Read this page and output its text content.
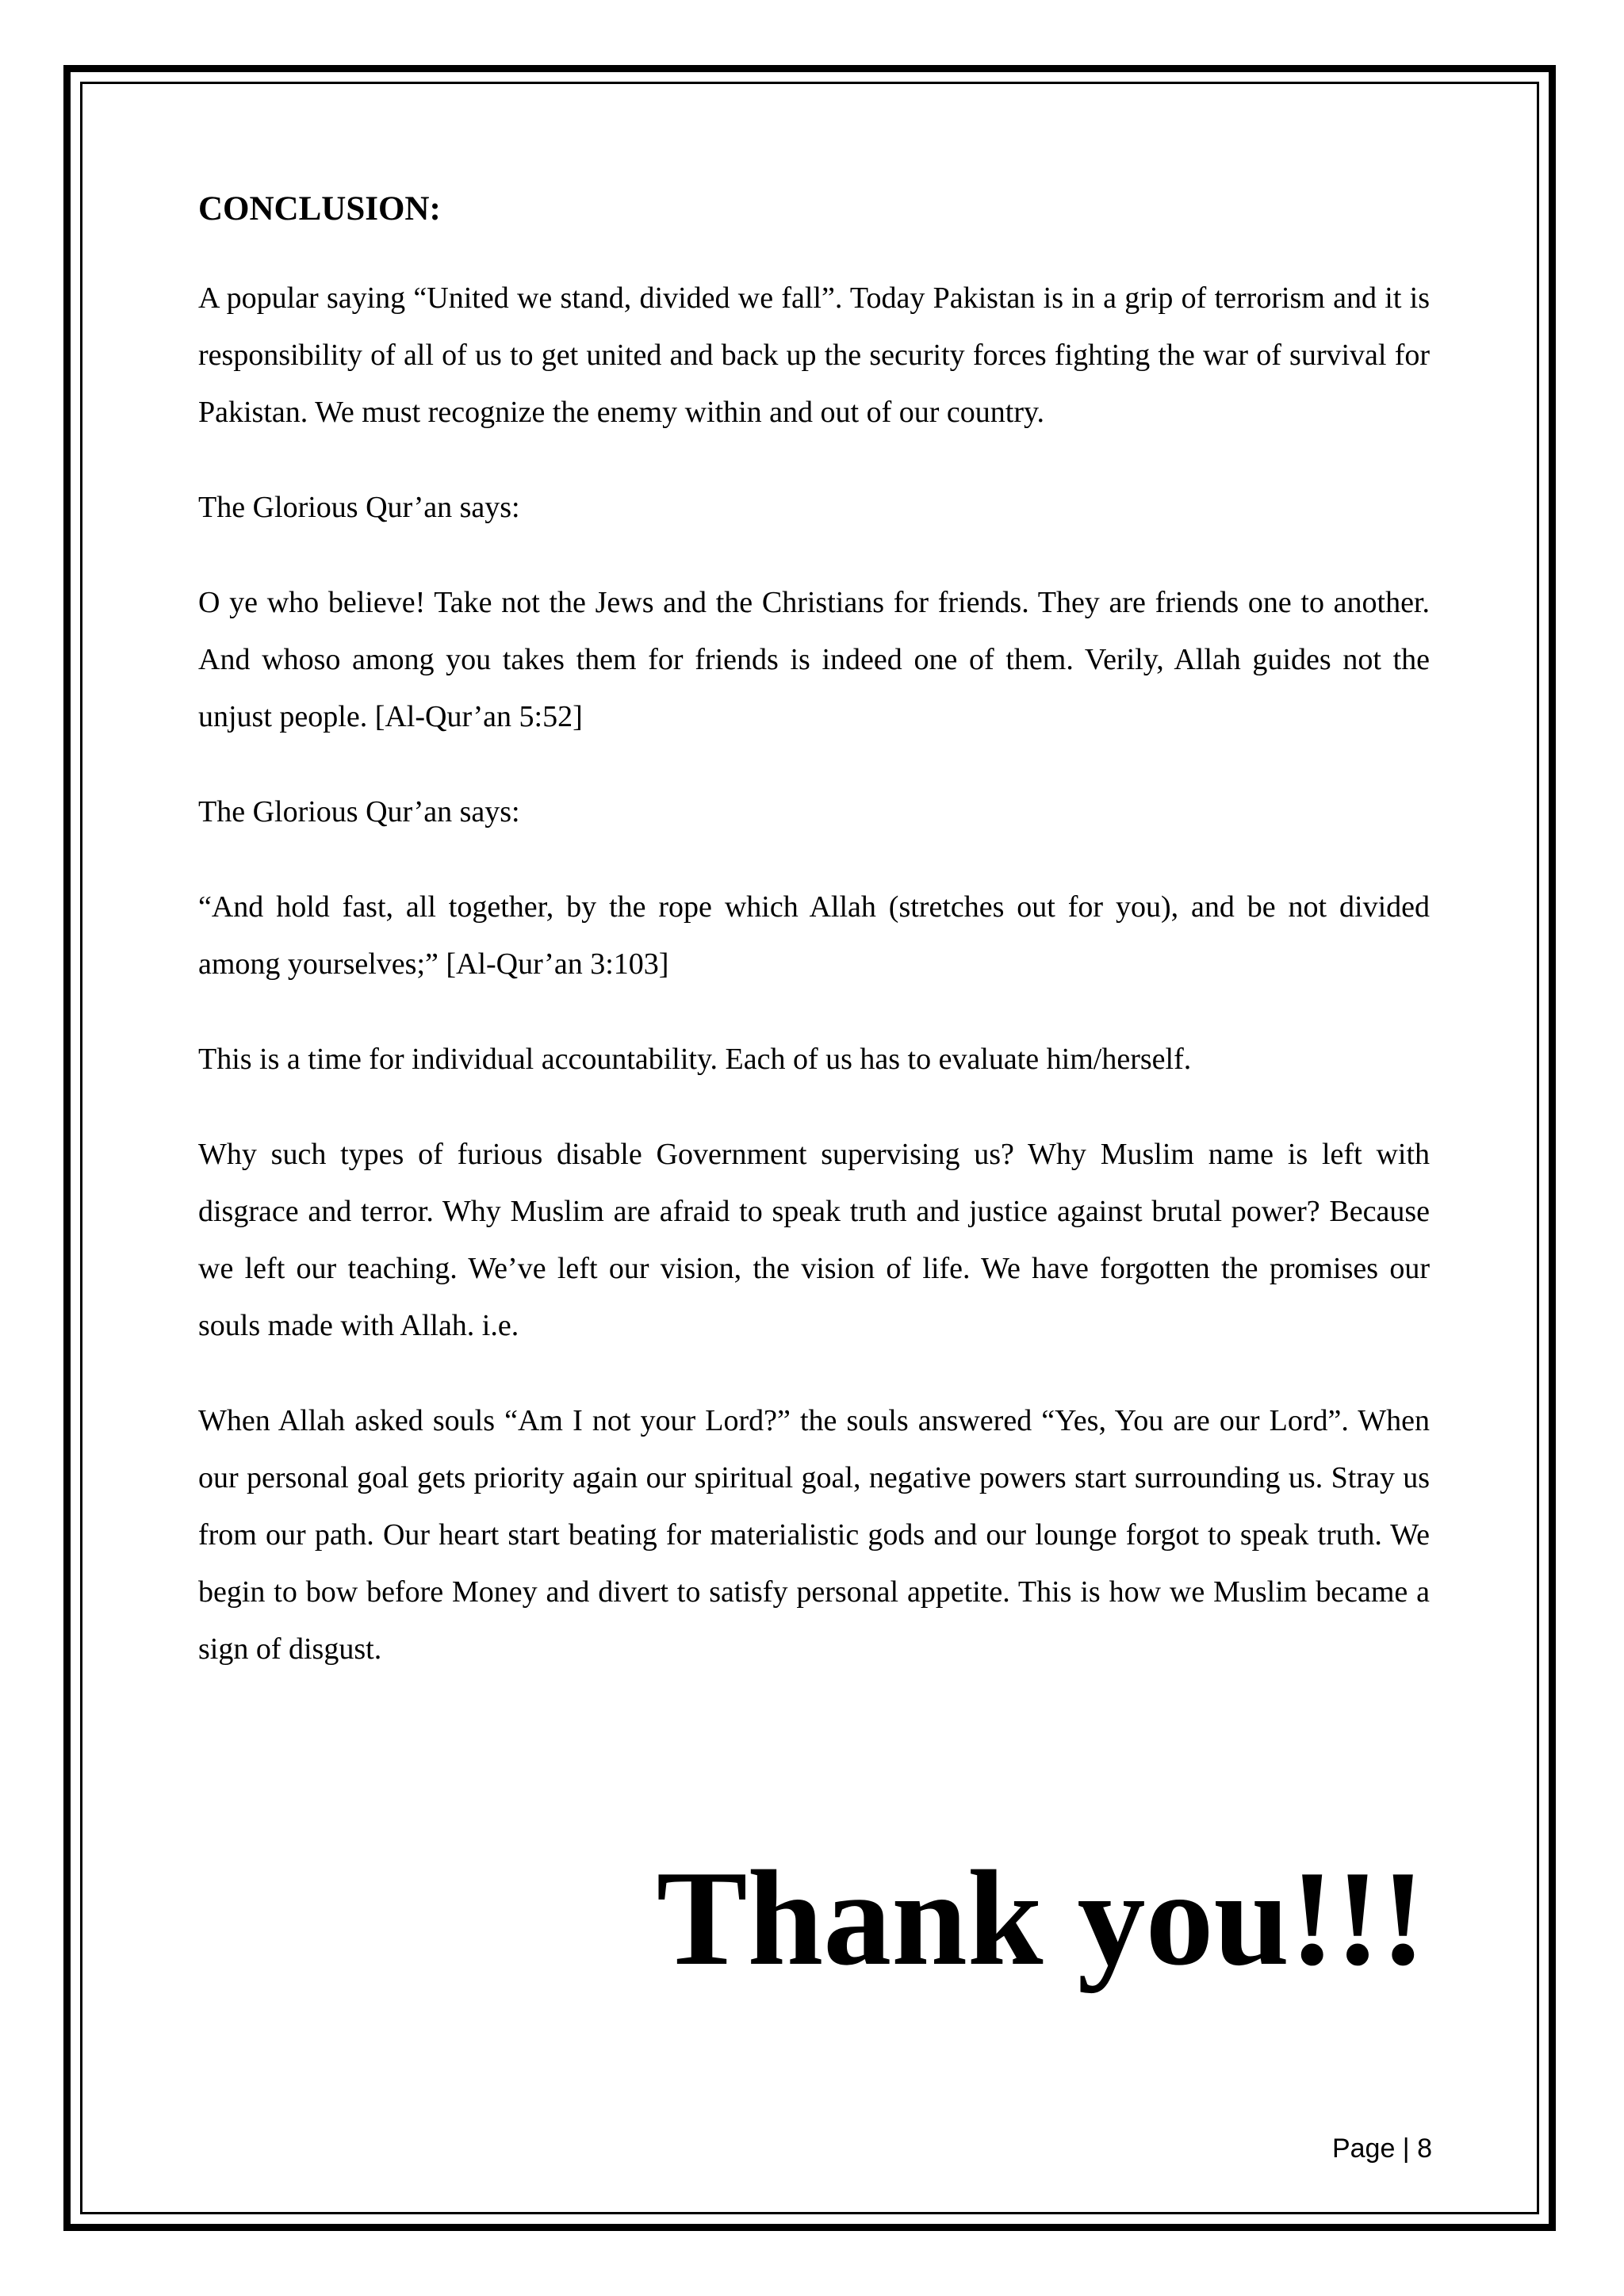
CONCLUSION:

A popular saying “United we stand, divided we fall”. Today Pakistan is in a grip of terrorism and it is responsibility of all of us to get united and back up the security forces fighting the war of survival for Pakistan. We must recognize the enemy within and out of our country.

The Glorious Qur’an says:

O ye who believe! Take not the Jews and the Christians for friends. They are friends one to another. And whoso among you takes them for friends is indeed one of them. Verily, Allah guides not the unjust people. [Al-Qur’an 5:52]

The Glorious Qur’an says:

“And hold fast, all together, by the rope which Allah (stretches out for you), and be not divided among yourselves;” [Al-Qur’an 3:103]

This is a time for individual accountability. Each of us has to evaluate him/herself.

Why such types of furious disable Government supervising us? Why Muslim name is left with disgrace and terror. Why Muslim are afraid to speak truth and justice against brutal power? Because we left our teaching. We’ve left our vision, the vision of life. We have forgotten the promises our souls made with Allah. i.e.

When Allah asked souls “Am I not your Lord?” the souls answered “Yes, You are our Lord”. When our personal goal gets priority again our spiritual goal, negative powers start surrounding us. Stray us from our path. Our heart start beating for materialistic gods and our lounge forgot to speak truth. We begin to bow before Money and divert to satisfy personal appetite. This is how we Muslim became a sign of disgust.

Thank you!!!
Page | 8
